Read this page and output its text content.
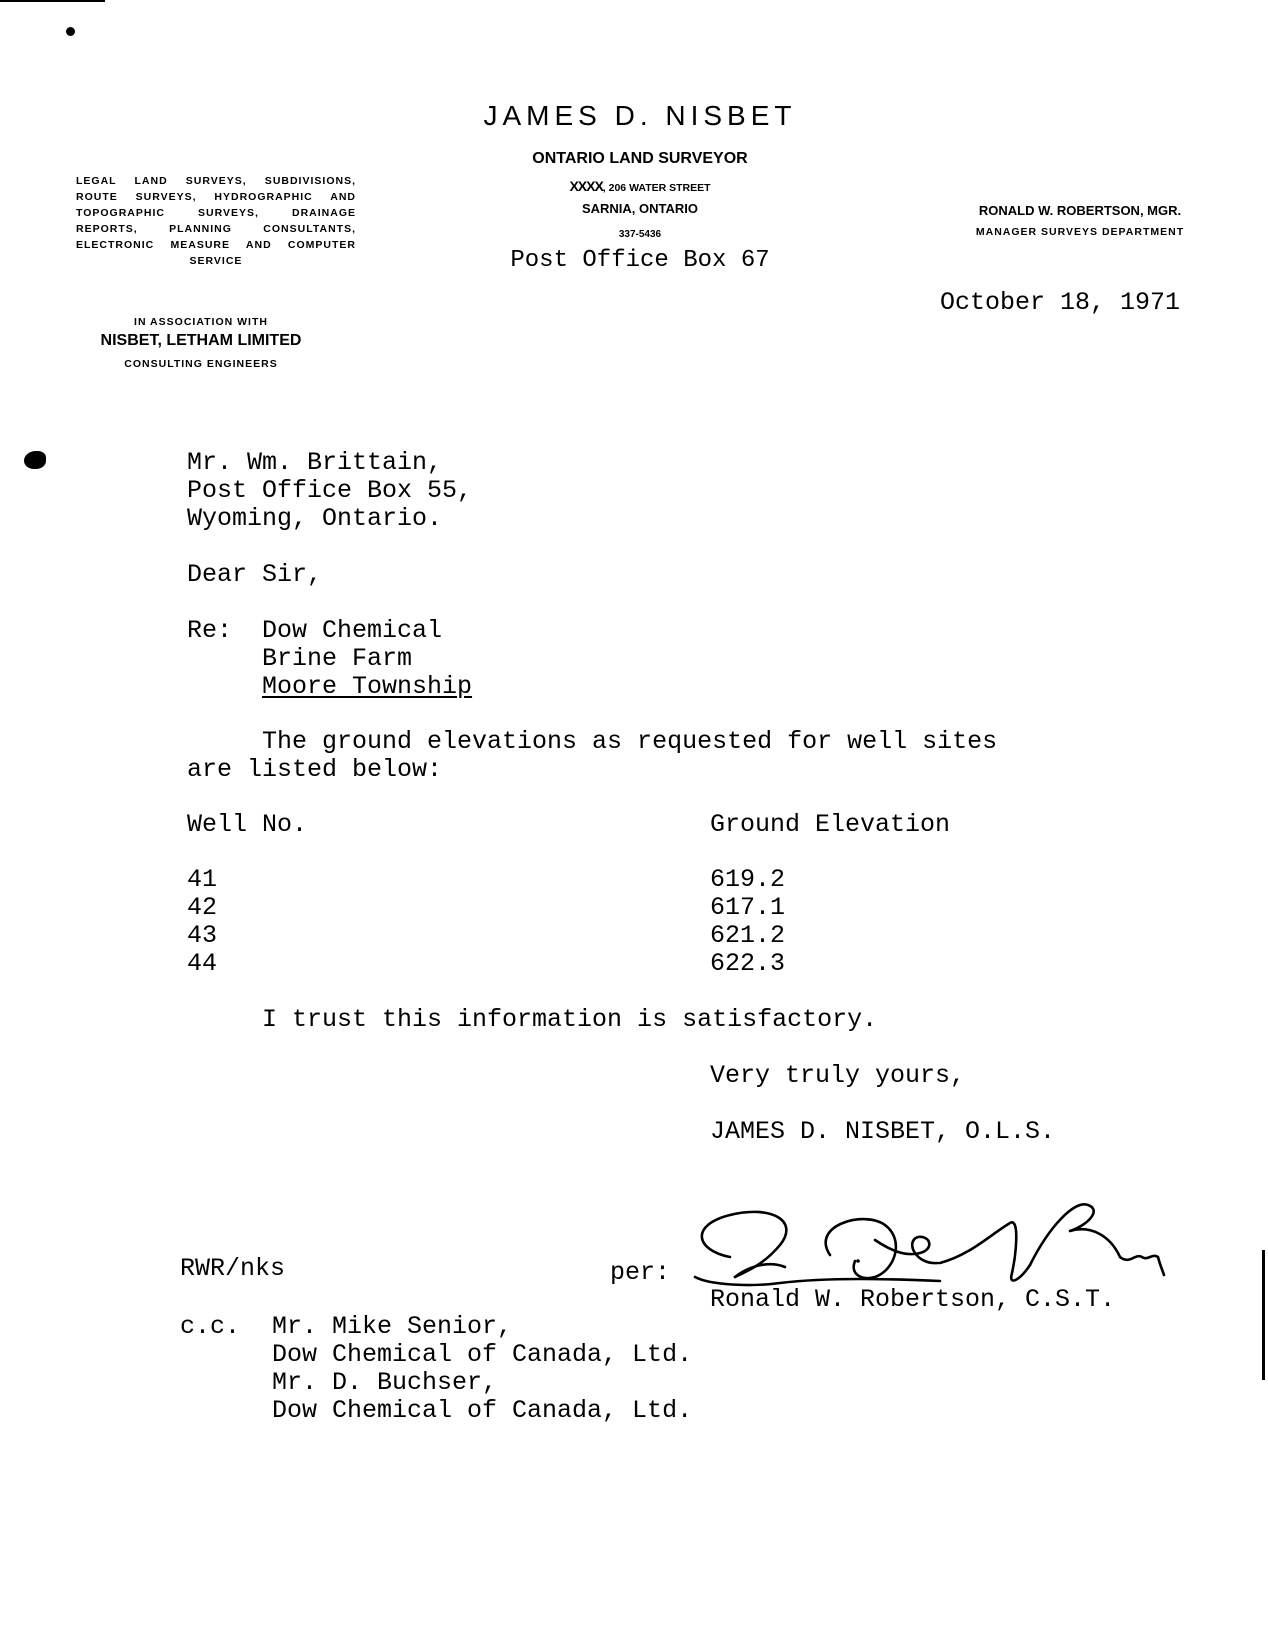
JAMES D. NISBET
ONTARIO LAND SURVEYOR
XXXX, 206 WATER STREET
SARNIA, ONTARIO
337-5436
Post Office Box 67
LEGAL LAND SURVEYS, SUBDIVISIONS,
ROUTE SURVEYS, HYDROGRAPHIC AND
TOPOGRAPHIC SURVEYS, DRAINAGE
REPORTS, PLANNING CONSULTANTS,
ELECTRONIC MEASURE AND COMPUTER
SERVICE
IN ASSOCIATION WITH
NISBET, LETHAM LIMITED
CONSULTING ENGINEERS
RONALD W. ROBERTSON, MGR.
MANAGER SURVEYS DEPARTMENT
October 18, 1971
Mr. Wm. Brittain,
Post Office Box 55,
Wyoming, Ontario.
Dear Sir,
Re: Dow Chemical
Brine Farm
Moore Township
The ground elevations as requested for well sites
are listed below:
Well No.	Ground Elevation
41	619.2
42	617.1
43	621.2
44	622.3
I trust this information is satisfactory.
Very truly yours,
JAMES D. NISBET, O.L.S.
RWR/nks	per:
Ronald W. Robertson, C.S.T.
c.c. Mr. Mike Senior,
Dow Chemical of Canada, Ltd.
Mr. D. Buchser,
Dow Chemical of Canada, Ltd.
